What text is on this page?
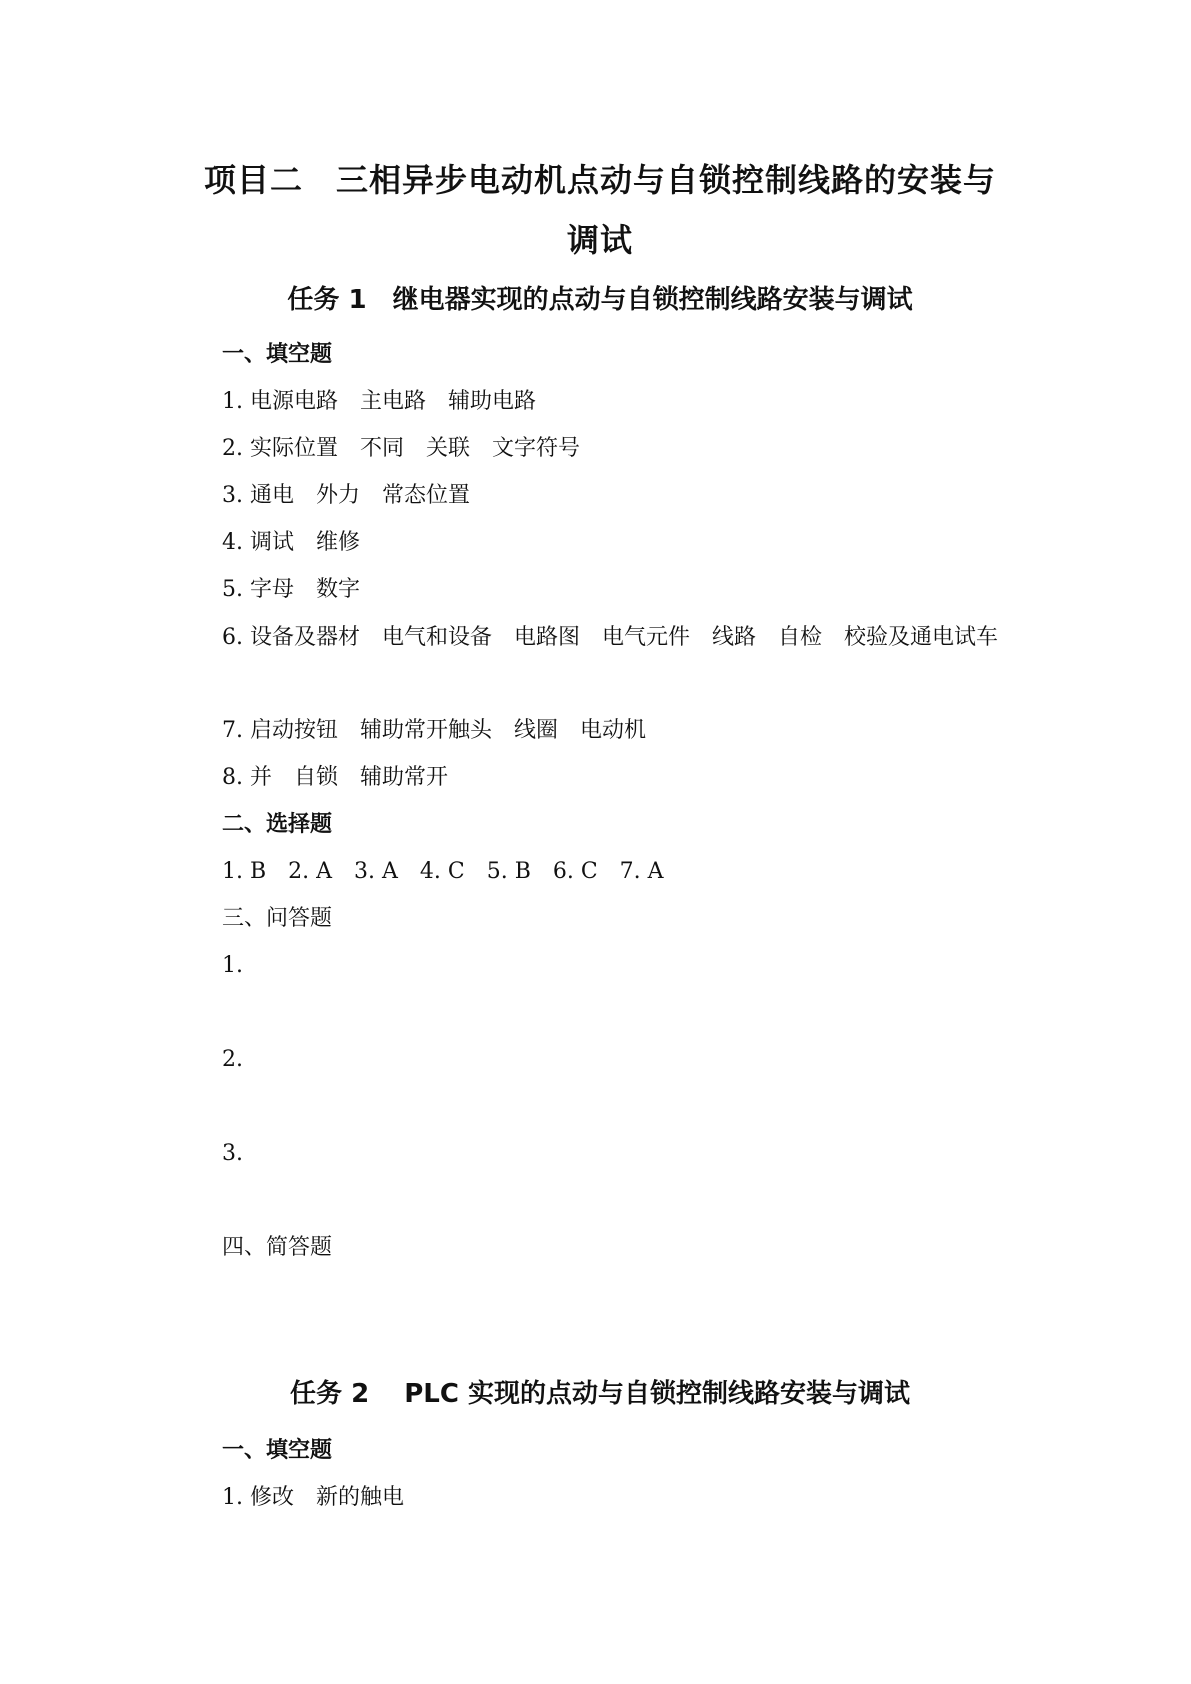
项目二　三相异步电动机点动与自锁控制线路的安装与调试
任务 1　继电器实现的点动与自锁控制线路安装与调试
一、填空题
1. 电源电路　主电路　辅助电路
2. 实际位置　不同　关联　文字符号
3. 通电　外力　常态位置
4. 调试　维修
5. 字母　数字
6. 设备及器材　电气和设备　电路图　电气元件　线路　自检　校验及通电试车
7. 启动按钮　辅助常开触头　线圈　电动机
8. 并　自锁　辅助常开
二、选择题
1. B　2. A　3. A　4. C　5. B　6. C　7. A
三、问答题
1.
2.
3.
四、简答题
任务 2　 PLC 实现的点动与自锁控制线路安装与调试
一、填空题
1. 修改　新的触电
